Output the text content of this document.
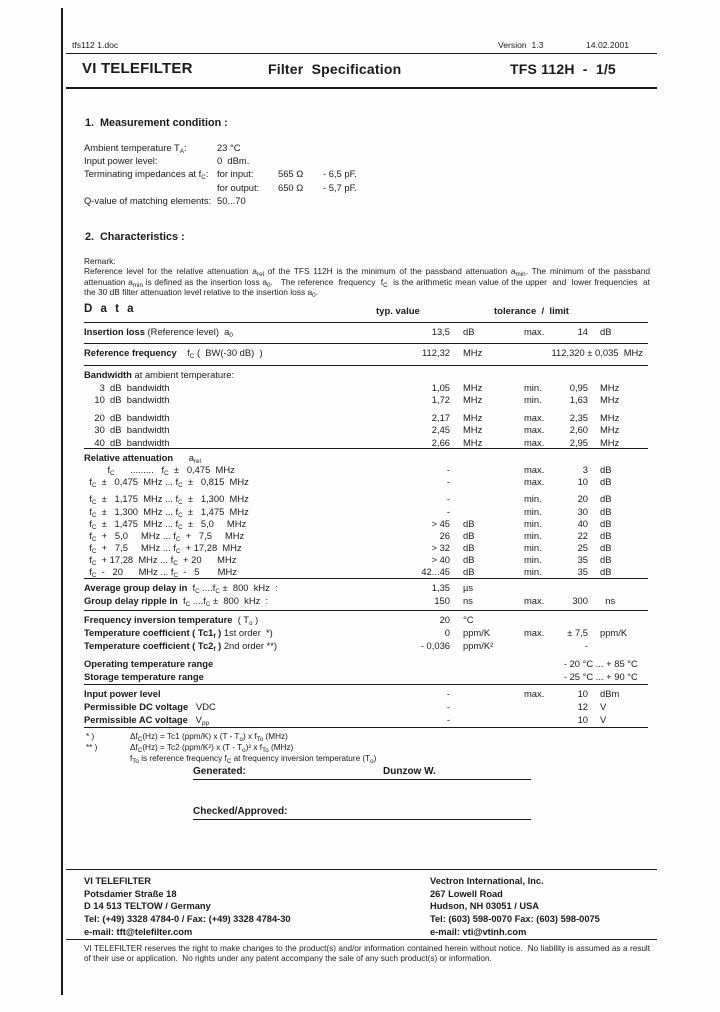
tfs112 1.doc	Version  1.3	14.02.2001
VI TELEFILTER	Filter  Specification	TFS 112H  -  1/5
1.  Measurement condition :
Ambient temperature $T_A$:	23 °C
Input power level:	0  dBm.
Terminating impedances at $f_C$: for input:	565 Ω	- 6,5 pF.
for output:	650 Ω	- 5,7 pF.
Q-value of matching elements: 50...70
2.  Characteristics :
Remark:
Reference level for the relative attenuation $a_{rel}$ of the TFS 112H is the minimum of the passband attenuation $a_{min}$. The minimum of the passband attenuation $a_{min}$ is defined as the insertion loss $a_0$.   The reference  frequency  $f_C$  is the arithmetic mean value of the upper  and  lower frequencies  at the 30 dB filter attenuation level relative to the insertion loss $a_0$.
D a t a	typ. value	tolerance  /  limit
Insertion loss (Reference level)  $a_0$	13,5	dB	max.	14	dB
Reference frequency    $f_C$ (  BW(-30 dB)  )	112,32	MHz	112,320 ± 0,035  MHz
Bandwidth at ambient temperature:
3  dB  bandwidth	1,05	MHz	min.	0,95	MHz
10  dB  bandwidth	1,72	MHz	min.	1,63	MHz
20  dB  bandwidth	2,17	MHz	max.	2,35	MHz
30  dB  bandwidth	2,45	MHz	max.	2,60	MHz
40  dB  bandwidth	2,66	MHz	max.	2,95	MHz
Relative attenuation      $a_{rel}$
$f_C$      .........   $f_C \pm 0,475$  MHz	-	max.	3	dB
$f_C \pm 0,475$  MHz ... $f_C \pm 0,815$  MHz	-	max.	10	dB
$f_C \pm 1,175$  MHz ... $f_C \pm 1,300$  MHz	-	min.	20	dB
$f_C \pm 1,300$  MHz ... $f_C \pm 1,475$  MHz	-	min.	30	dB
$f_C \pm 1,475$  MHz ... $f_C \pm 5,0$     MHz	> 45	dB	min.	40	dB
$f_C + 5,0$     MHz ... $f_C + 7,5$     MHz	26	dB	min.	22	dB
$f_C + 7,5$     MHz ... $f_C + 17,28$  MHz	> 32	dB	min.	25	dB
$f_C + 17,28$  MHz ... $f_C + 20$      MHz	> 40	dB	min.	35	dB
$f_C - 20$      MHz ... $f_C - 5$       MHz	42...45	dB	min.	35	dB
Average group delay in  $f_C$ $....f_C \pm 800$  kHz  :	1,35	µs
Group delay ripple in  $f_C$ $....f_C \pm 800$  kHz  :	150	ns	max.	300	ns
Frequency inversion temperature  ( $T_o$ )	20	°C
Temperature coefficient ( $Tc1_f$ ) 1st order  *)	0	ppm/K	max.	± 7,5	ppm/K
Temperature coefficient ( $Tc2_f$ ) 2nd order **)	- 0,036	ppm/K²	-
Operating temperature range	- 20 °C ... + 85 °C
Storage temperature range	- 25 °C ... + 90 °C
Input power level	-	max.	10	dBm
Permissible DC voltage   VDC	-	12	V
Permissible AC voltage   $V_{pp}$	-	10	V
* )	$\Delta f_C(Hz) = Tc1$ (ppm/K) x $(T - T_o)$ x $f_{To}$ (MHz)
** )	$\Delta f_C(Hz) = Tc2$ (ppm/K²) x $(T - T_o)^2$ x $f_{To}$ (MHz)
$f_{To}$ is reference frequency $f_C$ at frequency inversion temperature $(T_o)$
Generated:	Dunzow W.
Checked/Approved:
VI TELEFILTER
Potsdamer Straße 18
D 14 513 TELTOW / Germany
Tel: (+49) 3328 4784-0 / Fax: (+49) 3328 4784-30
e-mail: tft@telefilter.com
Vectron International, Inc.
267 Lowell Road
Hudson, NH 03051 / USA
Tel: (603) 598-0070 Fax: (603) 598-0075
e-mail: vti@vtinh.com
VI TELEFILTER reserves the right to make changes to the product(s) and/or information contained herein without notice.  No liability is assumed as a result of their use or application.  No rights under any patent accompany the sale of any such product(s) or information.
